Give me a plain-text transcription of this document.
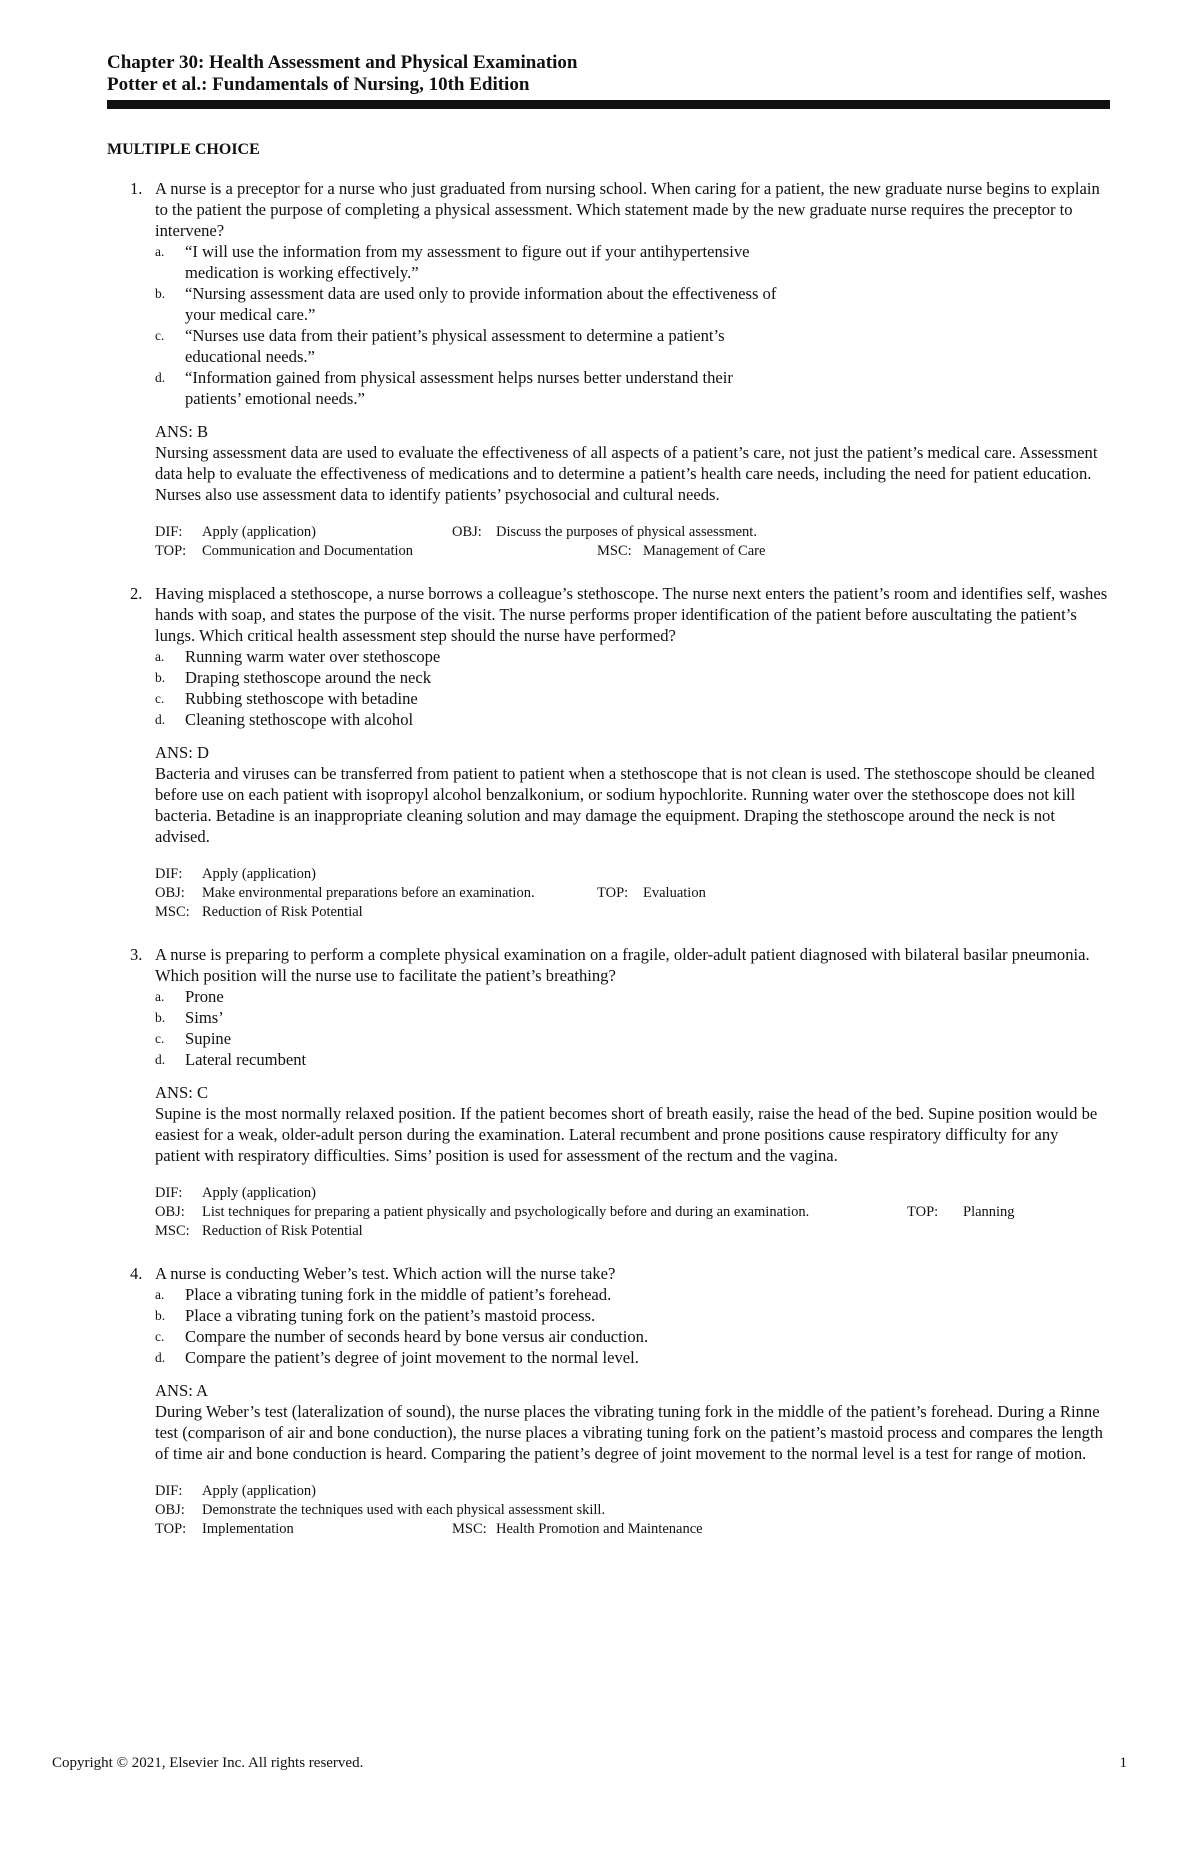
Chapter 30: Health Assessment and Physical Examination
Potter et al.: Fundamentals of Nursing, 10th Edition
MULTIPLE CHOICE
1. A nurse is a preceptor for a nurse who just graduated from nursing school. When caring for a patient, the new graduate nurse begins to explain to the patient the purpose of completing a physical assessment. Which statement made by the new graduate nurse requires the preceptor to intervene?
a. “I will use the information from my assessment to figure out if your antihypertensive medication is working effectively.”
b. “Nursing assessment data are used only to provide information about the effectiveness of your medical care.”
c. “Nurses use data from their patient’s physical assessment to determine a patient’s educational needs.”
d. “Information gained from physical assessment helps nurses better understand their patients’ emotional needs.”
ANS: B
Nursing assessment data are used to evaluate the effectiveness of all aspects of a patient’s care, not just the patient’s medical care. Assessment data help to evaluate the effectiveness of medications and to determine a patient’s health care needs, including the need for patient education. Nurses also use assessment data to identify patients’ psychosocial and cultural needs.
DIF: Apply (application)	OBJ: Discuss the purposes of physical assessment.
TOP: Communication and Documentation	MSC: Management of Care
2. Having misplaced a stethoscope, a nurse borrows a colleague’s stethoscope. The nurse next enters the patient’s room and identifies self, washes hands with soap, and states the purpose of the visit. The nurse performs proper identification of the patient before auscultating the patient’s lungs. Which critical health assessment step should the nurse have performed?
a. Running warm water over stethoscope
b. Draping stethoscope around the neck
c. Rubbing stethoscope with betadine
d. Cleaning stethoscope with alcohol
ANS: D
Bacteria and viruses can be transferred from patient to patient when a stethoscope that is not clean is used. The stethoscope should be cleaned before use on each patient with isopropyl alcohol benzalkonium, or sodium hypochlorite. Running water over the stethoscope does not kill bacteria. Betadine is an inappropriate cleaning solution and may damage the equipment. Draping the stethoscope around the neck is not advised.
DIF: Apply (application)
OBJ: Make environmental preparations before an examination.	TOP: Evaluation
MSC: Reduction of Risk Potential
3. A nurse is preparing to perform a complete physical examination on a fragile, older-adult patient diagnosed with bilateral basilar pneumonia. Which position will the nurse use to facilitate the patient’s breathing?
a. Prone
b. Sims’
c. Supine
d. Lateral recumbent
ANS: C
Supine is the most normally relaxed position. If the patient becomes short of breath easily, raise the head of the bed. Supine position would be easiest for a weak, older-adult person during the examination. Lateral recumbent and prone positions cause respiratory difficulty for any patient with respiratory difficulties. Sims’ position is used for assessment of the rectum and the vagina.
DIF: Apply (application)
OBJ: List techniques for preparing a patient physically and psychologically before and during an examination.	TOP: Planning
MSC: Reduction of Risk Potential
4. A nurse is conducting Weber’s test. Which action will the nurse take?
a. Place a vibrating tuning fork in the middle of patient’s forehead.
b. Place a vibrating tuning fork on the patient’s mastoid process.
c. Compare the number of seconds heard by bone versus air conduction.
d. Compare the patient’s degree of joint movement to the normal level.
ANS: A
During Weber’s test (lateralization of sound), the nurse places the vibrating tuning fork in the middle of the patient’s forehead. During a Rinne test (comparison of air and bone conduction), the nurse places a vibrating tuning fork on the patient’s mastoid process and compares the length of time air and bone conduction is heard. Comparing the patient’s degree of joint movement to the normal level is a test for range of motion.
DIF: Apply (application)
OBJ: Demonstrate the techniques used with each physical assessment skill.
TOP: Implementation	MSC: Health Promotion and Maintenance
Copyright © 2021, Elsevier Inc. All rights reserved.	1
